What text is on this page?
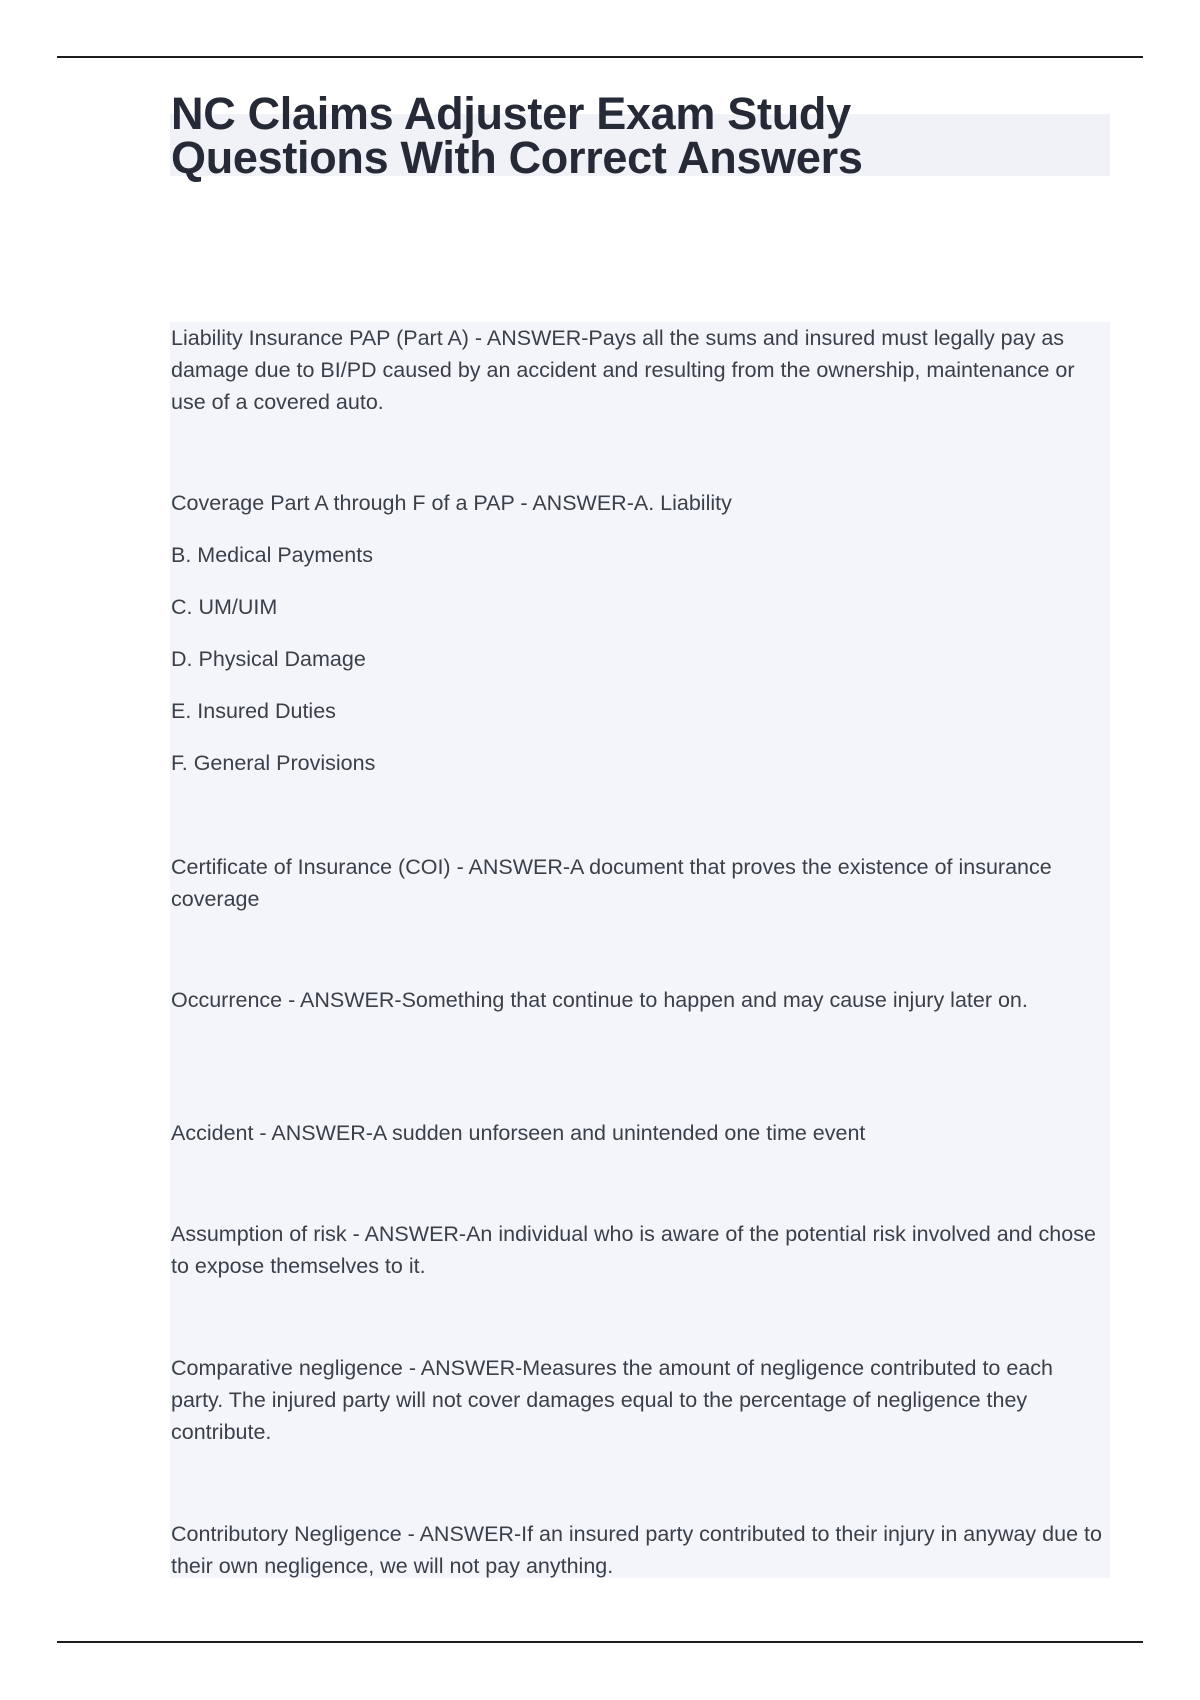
NC Claims Adjuster Exam Study Questions With Correct Answers

Liability Insurance PAP (Part A) - ANSWER-Pays all the sums and insured must legally pay as damage due to BI/PD caused by an accident and resulting from the ownership, maintenance or use of a covered auto.

Coverage Part A through F of a PAP - ANSWER-A. Liability

B. Medical Payments

C. UM/UIM

D. Physical Damage

E. Insured Duties

F. General Provisions

Certificate of Insurance (COI) - ANSWER-A document that proves the existence of insurance coverage

Occurrence - ANSWER-Something that continue to happen and may cause injury later on.

Accident - ANSWER-A sudden unforseen and unintended one time event

Assumption of risk - ANSWER-An individual who is aware of the potential risk involved and chose to expose themselves to it.

Comparative negligence - ANSWER-Measures the amount of negligence contributed to each party. The injured party will not cover damages equal to the percentage of negligence they contribute.

Contributory Negligence - ANSWER-If an insured party contributed to their injury in anyway due to their own negligence, we will not pay anything.
